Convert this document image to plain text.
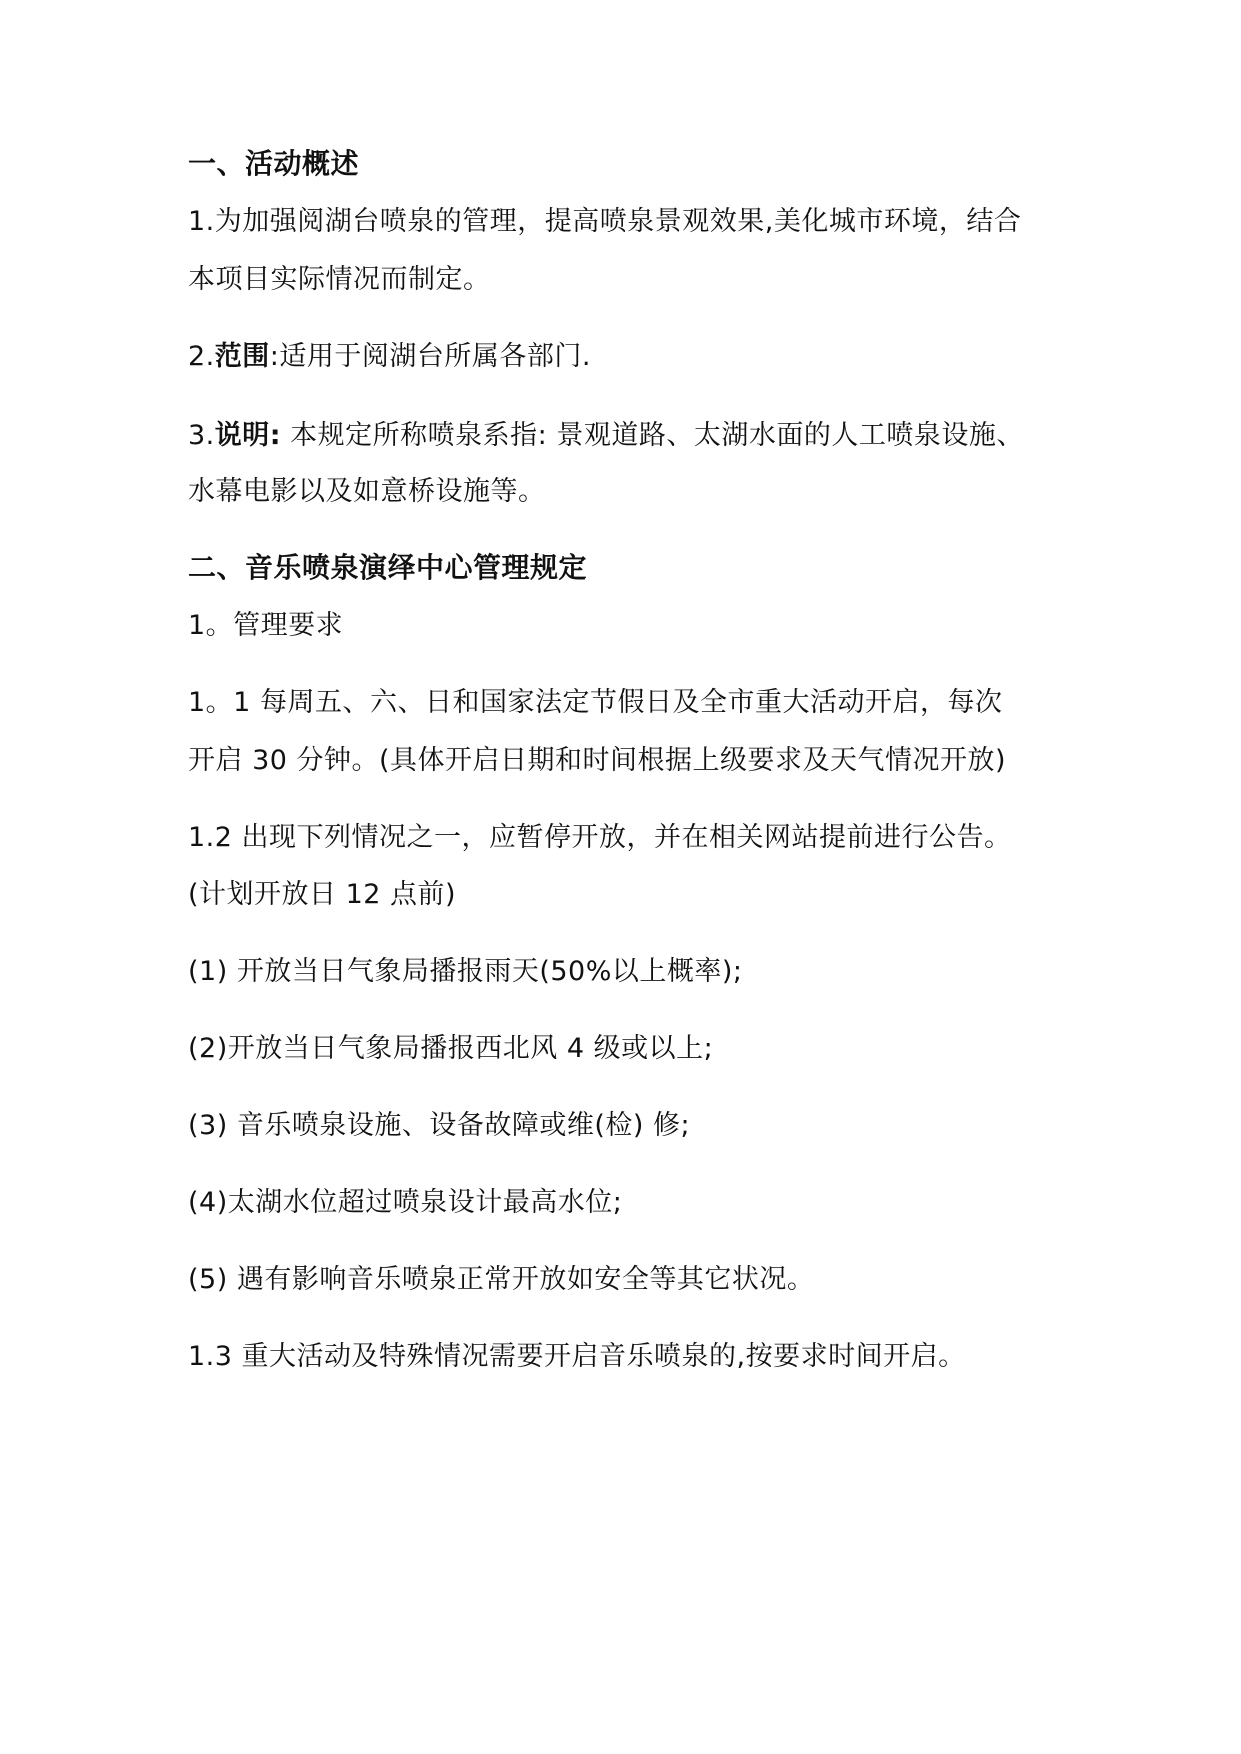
一、活动概述
1.为加强阅湖台喷泉的管理，提高喷泉景观效果,美化城市环境，结合
本项目实际情况而制定。
2.范围:适用于阅湖台所属各部门.
3.说明: 本规定所称喷泉系指: 景观道路、太湖水面的人工喷泉设施、
水幕电影以及如意桥设施等。
二、音乐喷泉演绎中心管理规定
1。管理要求
1。1 每周五、六、日和国家法定节假日及全市重大活动开启，每次
开启 30 分钟。(具体开启日期和时间根据上级要求及天气情况开放)
1.2 出现下列情况之一，应暂停开放，并在相关网站提前进行公告。
(计划开放日 12 点前)
(1) 开放当日气象局播报雨天(50%以上概率);
(2)开放当日气象局播报西北风 4 级或以上;
(3) 音乐喷泉设施、设备故障或维(检) 修;
(4)太湖水位超过喷泉设计最高水位;
(5) 遇有影响音乐喷泉正常开放如安全等其它状况。
1.3 重大活动及特殊情况需要开启音乐喷泉的,按要求时间开启。
